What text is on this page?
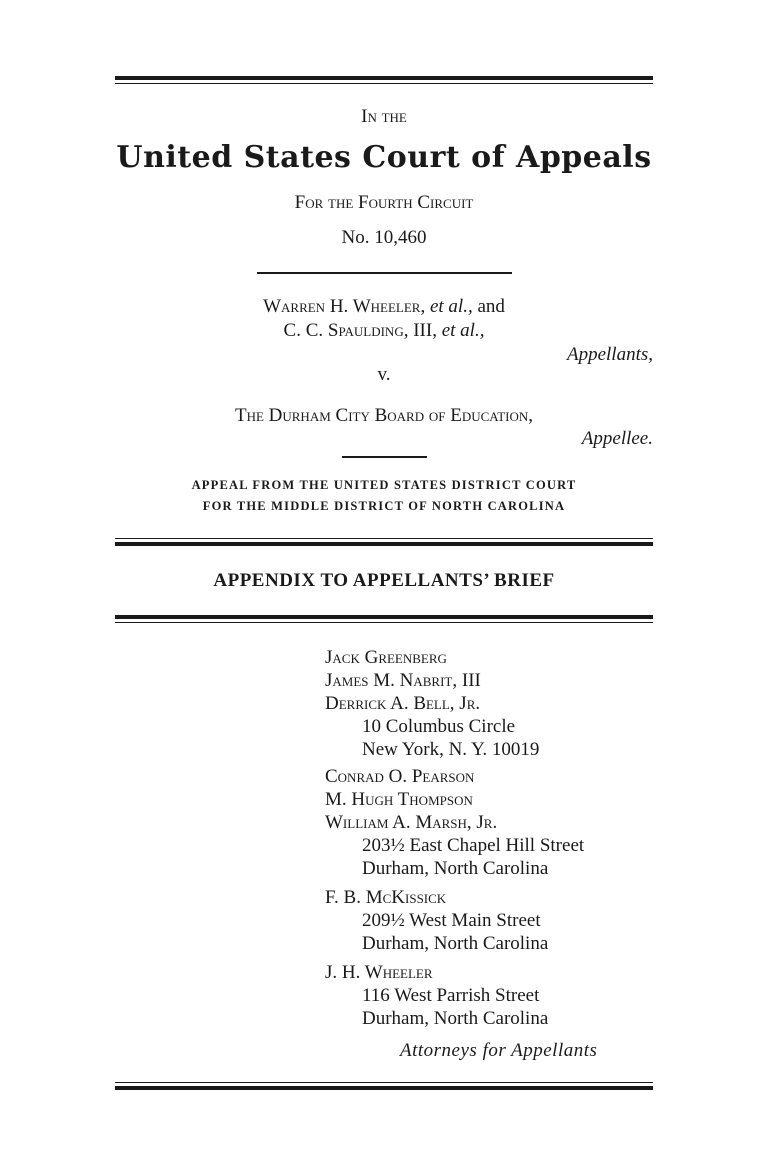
In the
United States Court of Appeals
For the Fourth Circuit
No. 10,460
Warren H. Wheeler, et al., and
C. C. Spaulding, III, et al.,
Appellants,
v.
The Durham City Board of Education,
Appellee.
APPEAL FROM THE UNITED STATES DISTRICT COURT
FOR THE MIDDLE DISTRICT OF NORTH CAROLINA
APPENDIX TO APPELLANTS’ BRIEF
Jack Greenberg
James M. Nabrit, III
Derrick A. Bell, Jr.
10 Columbus Circle
New York, N. Y. 10019
Conrad O. Pearson
M. Hugh Thompson
William A. Marsh, Jr.
203½ East Chapel Hill Street
Durham, North Carolina
F. B. McKissick
209½ West Main Street
Durham, North Carolina
J. H. Wheeler
116 West Parrish Street
Durham, North Carolina
Attorneys for Appellants
